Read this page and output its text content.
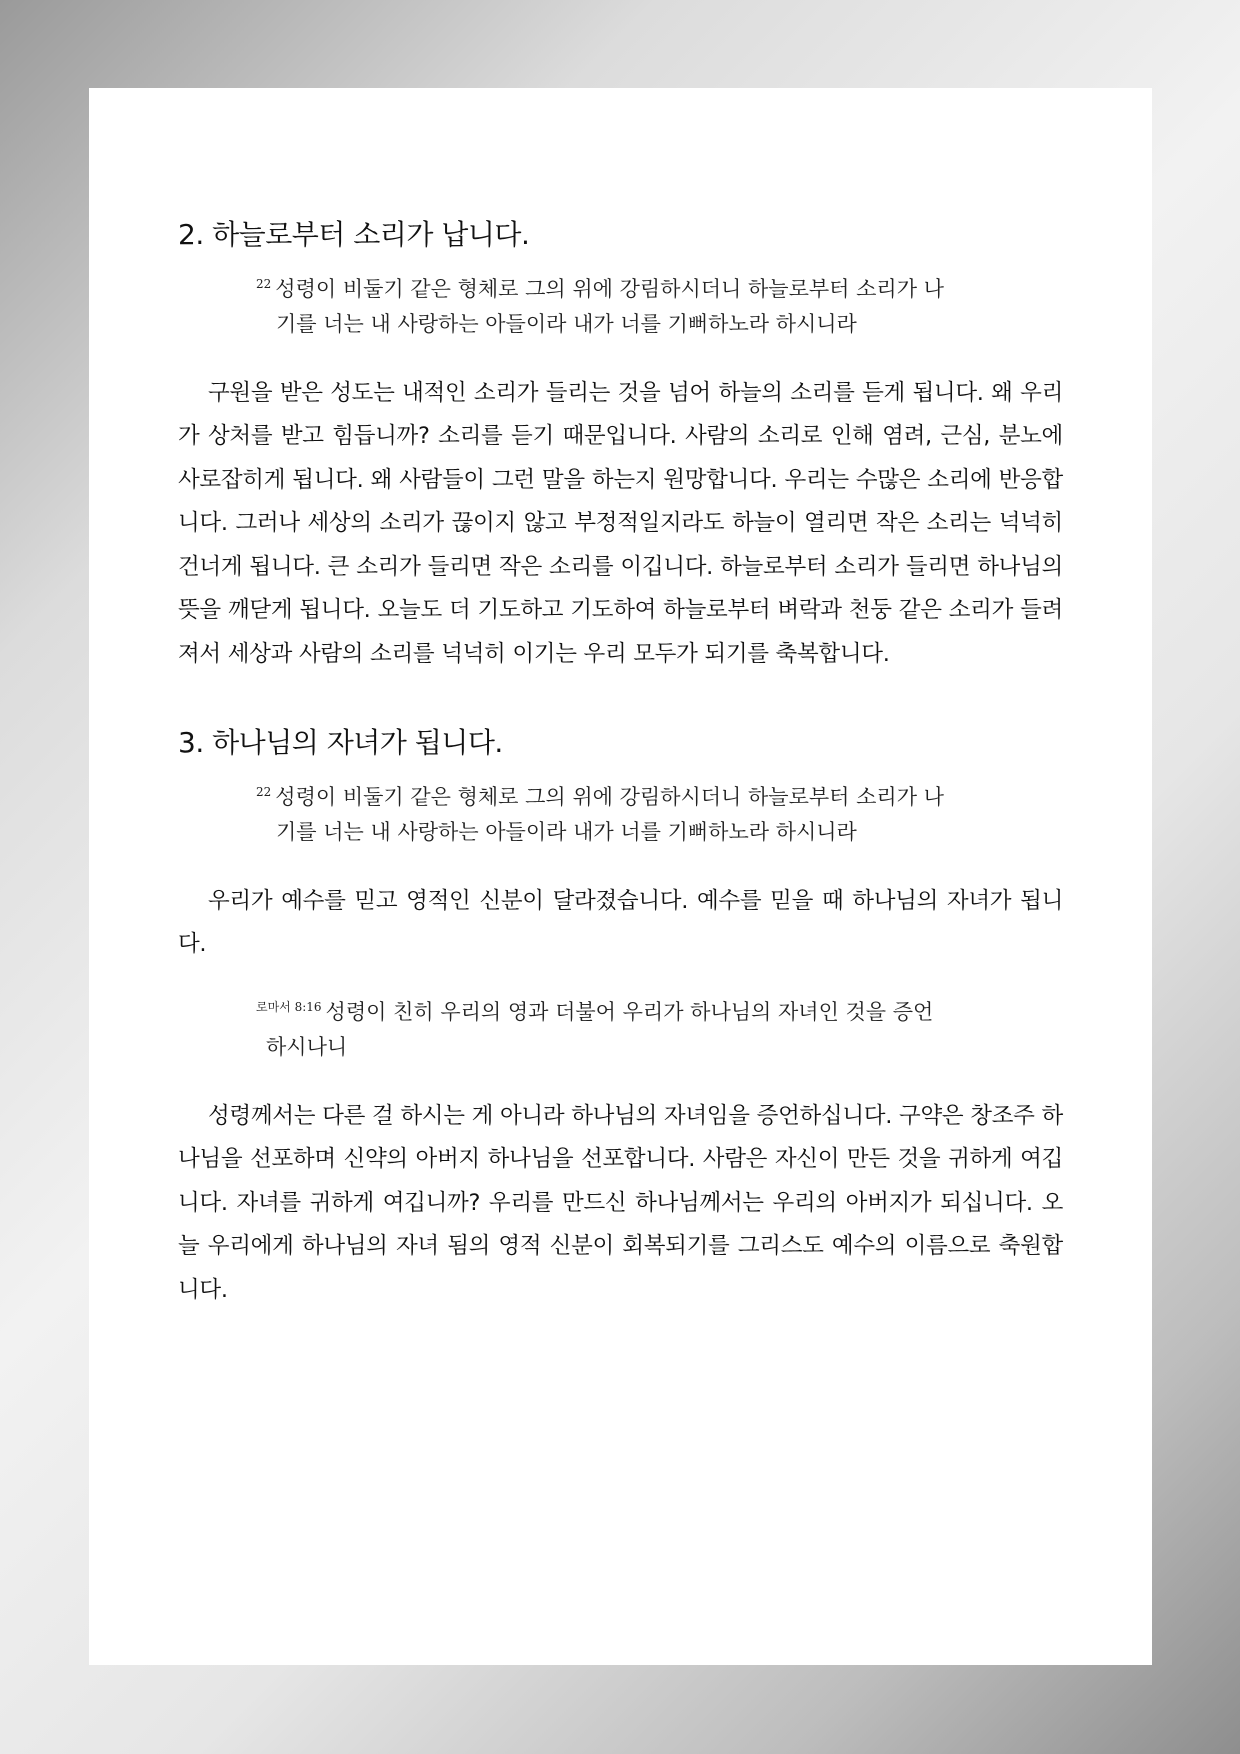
2. 하늘로부터 소리가 납니다.
$^{22}$ 성령이 비둘기 같은 형체로 그의 위에 강림하시더니 하늘로부터 소리가 나
기를 너는 내 사랑하는 아들이라 내가 너를 기뻐하노라 하시니라

구원을 받은 성도는 내적인 소리가 들리는 것을 넘어 하늘의 소리를 듣게 됩니다. 왜 우리가 상처를 받고 힘듭니까? 소리를 듣기 때문입니다. 사람의 소리로 인해 염려, 근심, 분노에 사로잡히게 됩니다. 왜 사람들이 그런 말을 하는지 원망합니다. 우리는 수많은 소리에 반응합니다. 그러나 세상의 소리가 끊이지 않고 부정적일지라도 하늘이 열리면 작은 소리는 넉넉히 건너게 됩니다. 큰 소리가 들리면 작은 소리를 이깁니다. 하늘로부터 소리가 들리면 하나님의 뜻을 깨닫게 됩니다. 오늘도 더 기도하고 기도하여 하늘로부터 벼락과 천둥 같은 소리가 들려져서 세상과 사람의 소리를 넉넉히 이기는 우리 모두가 되기를 축복합니다.

3. 하나님의 자녀가 됩니다.
$^{22}$ 성령이 비둘기 같은 형체로 그의 위에 강림하시더니 하늘로부터 소리가 나
기를 너는 내 사랑하는 아들이라 내가 너를 기뻐하노라 하시니라

우리가 예수를 믿고 영적인 신분이 달라졌습니다. 예수를 믿을 때 하나님의 자녀가 됩니다.

$^{로마서 8:16}$ 성령이 친히 우리의 영과 더불어 우리가 하나님의 자녀인 것을 증언
하시나니

성령께서는 다른 걸 하시는 게 아니라 하나님의 자녀임을 증언하십니다. 구약은 창조주 하나님을 선포하며 신약의 아버지 하나님을 선포합니다. 사람은 자신이 만든 것을 귀하게 여깁니다. 자녀를 귀하게 여깁니까? 우리를 만드신 하나님께서는 우리의 아버지가 되십니다. 오늘 우리에게 하나님의 자녀 됨의 영적 신분이 회복되기를 그리스도 예수의 이름으로 축원합니다.
